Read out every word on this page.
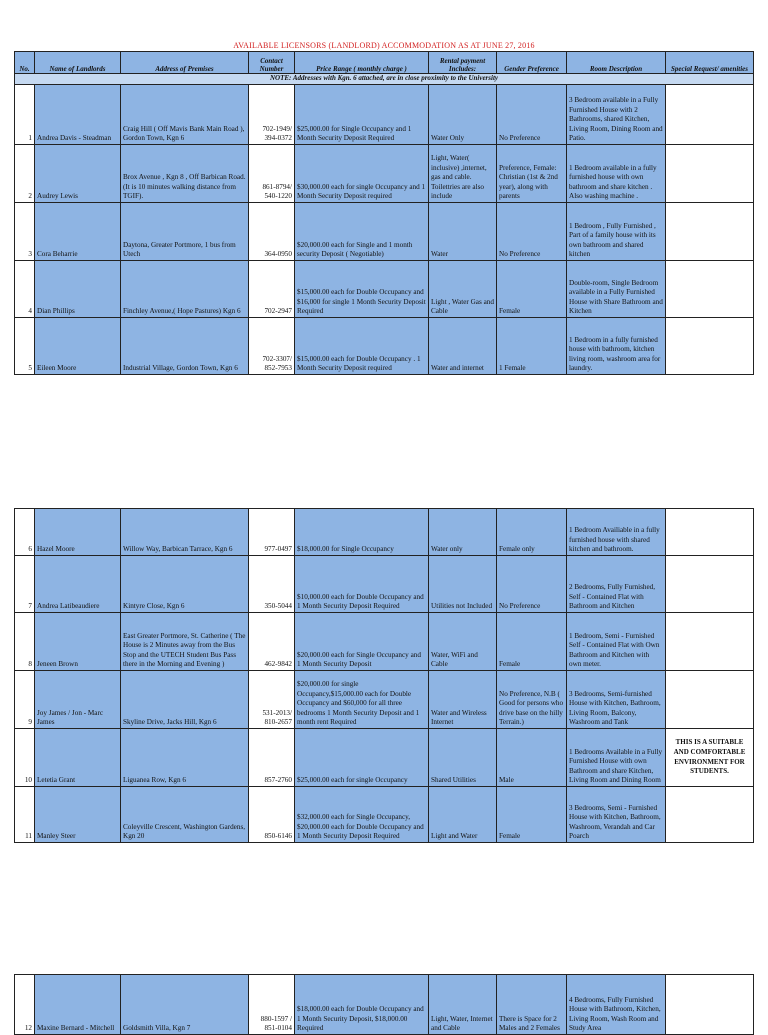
AVAILABLE LICENSORS (LANDLORD) ACCOMMODATION AS AT JUNE 27, 2016
No.	Name of Landlords	Address of Premises	Contact Number	Price Range ( monthly charge )	Rental payment Includes:	Gender Preference	Room Description	Special Request/ amenities
NOTE: Addresses with Kgn. 6 attached, are in close proximity to the University								
1	Andrea Davis - Steadman	Craig Hill ( Off Mavis Bank Main Road ), Gordon Town, Kgn 6	702-1949/ 394-0372	$25,000.00 for Single Occupancy and 1 Month Security Deposit Required	Water Only	No Preference	3 Bedroom available in a Fully Furnished House with 2 Bathrooms, shared Kitchen, Living Room, Dining Room and Patio.	
2	Audrey Lewis	Brox Avenue , Kgn 8 , Off Barbican Road. (It is 10 minutes walking distance from TGIF).	861-8794/ 540-1220	$30,000.00 each for single Occupancy and 1 Month Security Deposit required	Light, Water( inclusive) ,internet, gas and cable. Toilettries are also include	Preference, Female: Christian (1st & 2nd year), along with parents	1 Bedroom available in a fully furnished house with own bathroom and share kitchen . Also washing machine .	
3	Cora Beharrie	Daytona, Greater Portmore, 1 bus from Utech	364-0950	$20,000.00 each for Single and 1 month security Deposit ( Negotiable)	Water	No Preference	1 Bedroom , Fully Furnished , Part of a family house with its own bathroom and shared kitchen	
4	Dian Phillips	Finchley Avenue,( Hope Pastures) Kgn 6	702-2947	$15,000.00 each for Double Occupancy and $16,000 for single 1 Month Security Deposit Required	Light , Water Gas and Cable	Female	Double-room, Single Bedroom available in a Fully Furnished House with Share Bathroom and Kitchen	
5	Eileen Moore	Industrial Village, Gordon Town, Kgn 6	702-3307/ 852-7953	$15,000.00 each for Double Occupancy . 1 Month Security Deposit required	Water and internet	1 Female	1 Bedroom in a fully furnished house with bathroom, kitchen living room, washroom area for laundry.	
6	Hazel Moore	Willow Way, Barbican Tarrace, Kgn 6	977-0497	$18,000.00 for Single Occupancy	Water only	Female only	1 Bedroom Availiable in a fully furnished house with shared kitchen and bathroom.	
7	Andrea Latibeaudiere	Kintyre Close, Kgn 6	350-5044	$10,000.00 each for Double Occupancy and 1 Month Security Deposit Required	Utilities not Included	No Preference	2 Bedrooms, Fully Furnished, Self - Contained Flat with Bathroom and Kitchen	
8	Jeneen Brown	East Greater Portmore, St. Catherine ( The House is 2 Minutes away from the Bus Stop and the UTECH Student Bus Pass there in the Morning and Evening )	462-9842	$20,000.00 each for Single Occupancy and 1 Month Security Deposit	Water, WiFi and Cable	Female	1 Bedroom, Semi - Furnished Self - Contained Flat with Own Bathroom and Kitchen with own meter.	
9	Joy James / Jon - Marc James	Skyline Drive, Jacks Hill, Kgn 6	531-2013/ 810-2657	$20,000.00 for single Occupancy,$15,000.00 each for Double Occupancy and $60,000 for all three bedrooms 1 Month Security Deposit and 1 month rent Required	Water and Wireless Internet	No Preference, N.B ( Good for persons who drive base on the hilly Terrain.)	3 Bedrooms, Semi-furnished House with Kitchen, Bathroom, Living Room, Balcony, Washroom and Tank	
10	Letetia Grant	Liguanea Row, Kgn 6	857-2760	$25,000.00 each for single Occupancy	Shared Utilities	Male	1 Bedrooms Available in a Fully Furnished House with own Bathroom and share Kitchen, Living Room and Dining Room	THIS IS A SUITABLE AND COMFORTABLE ENVIRONMENT FOR STUDENTS.
11	Manley Steer	Coleyville Crescent, Washington Gardens, Kgn 20	850-6146	$32,000.00 each for Single Occupancy, $20,000.00 each for Double Occupancy and 1 Month Security Deposit Required	Light and Water	Female	3 Bedrooms, Semi - Furnished House with Kitchen, Bathroom, Washroom, Verandah and Car Poarch	
12	Maxine Bernard - Mitchell	Goldsmith Villa, Kgn 7	880-1597 / 851-0104	$18,000.00 each for Double Occupancy and 1 Month Security Deposit, $18,000.00 Required	Light, Water, Internet and Cable	There is Space for 2 Males and 2 Females	4 Bedrooms, Fully Furnished House with Bathroom, Kitchen, Living Room, Wash Room and Study Area	
